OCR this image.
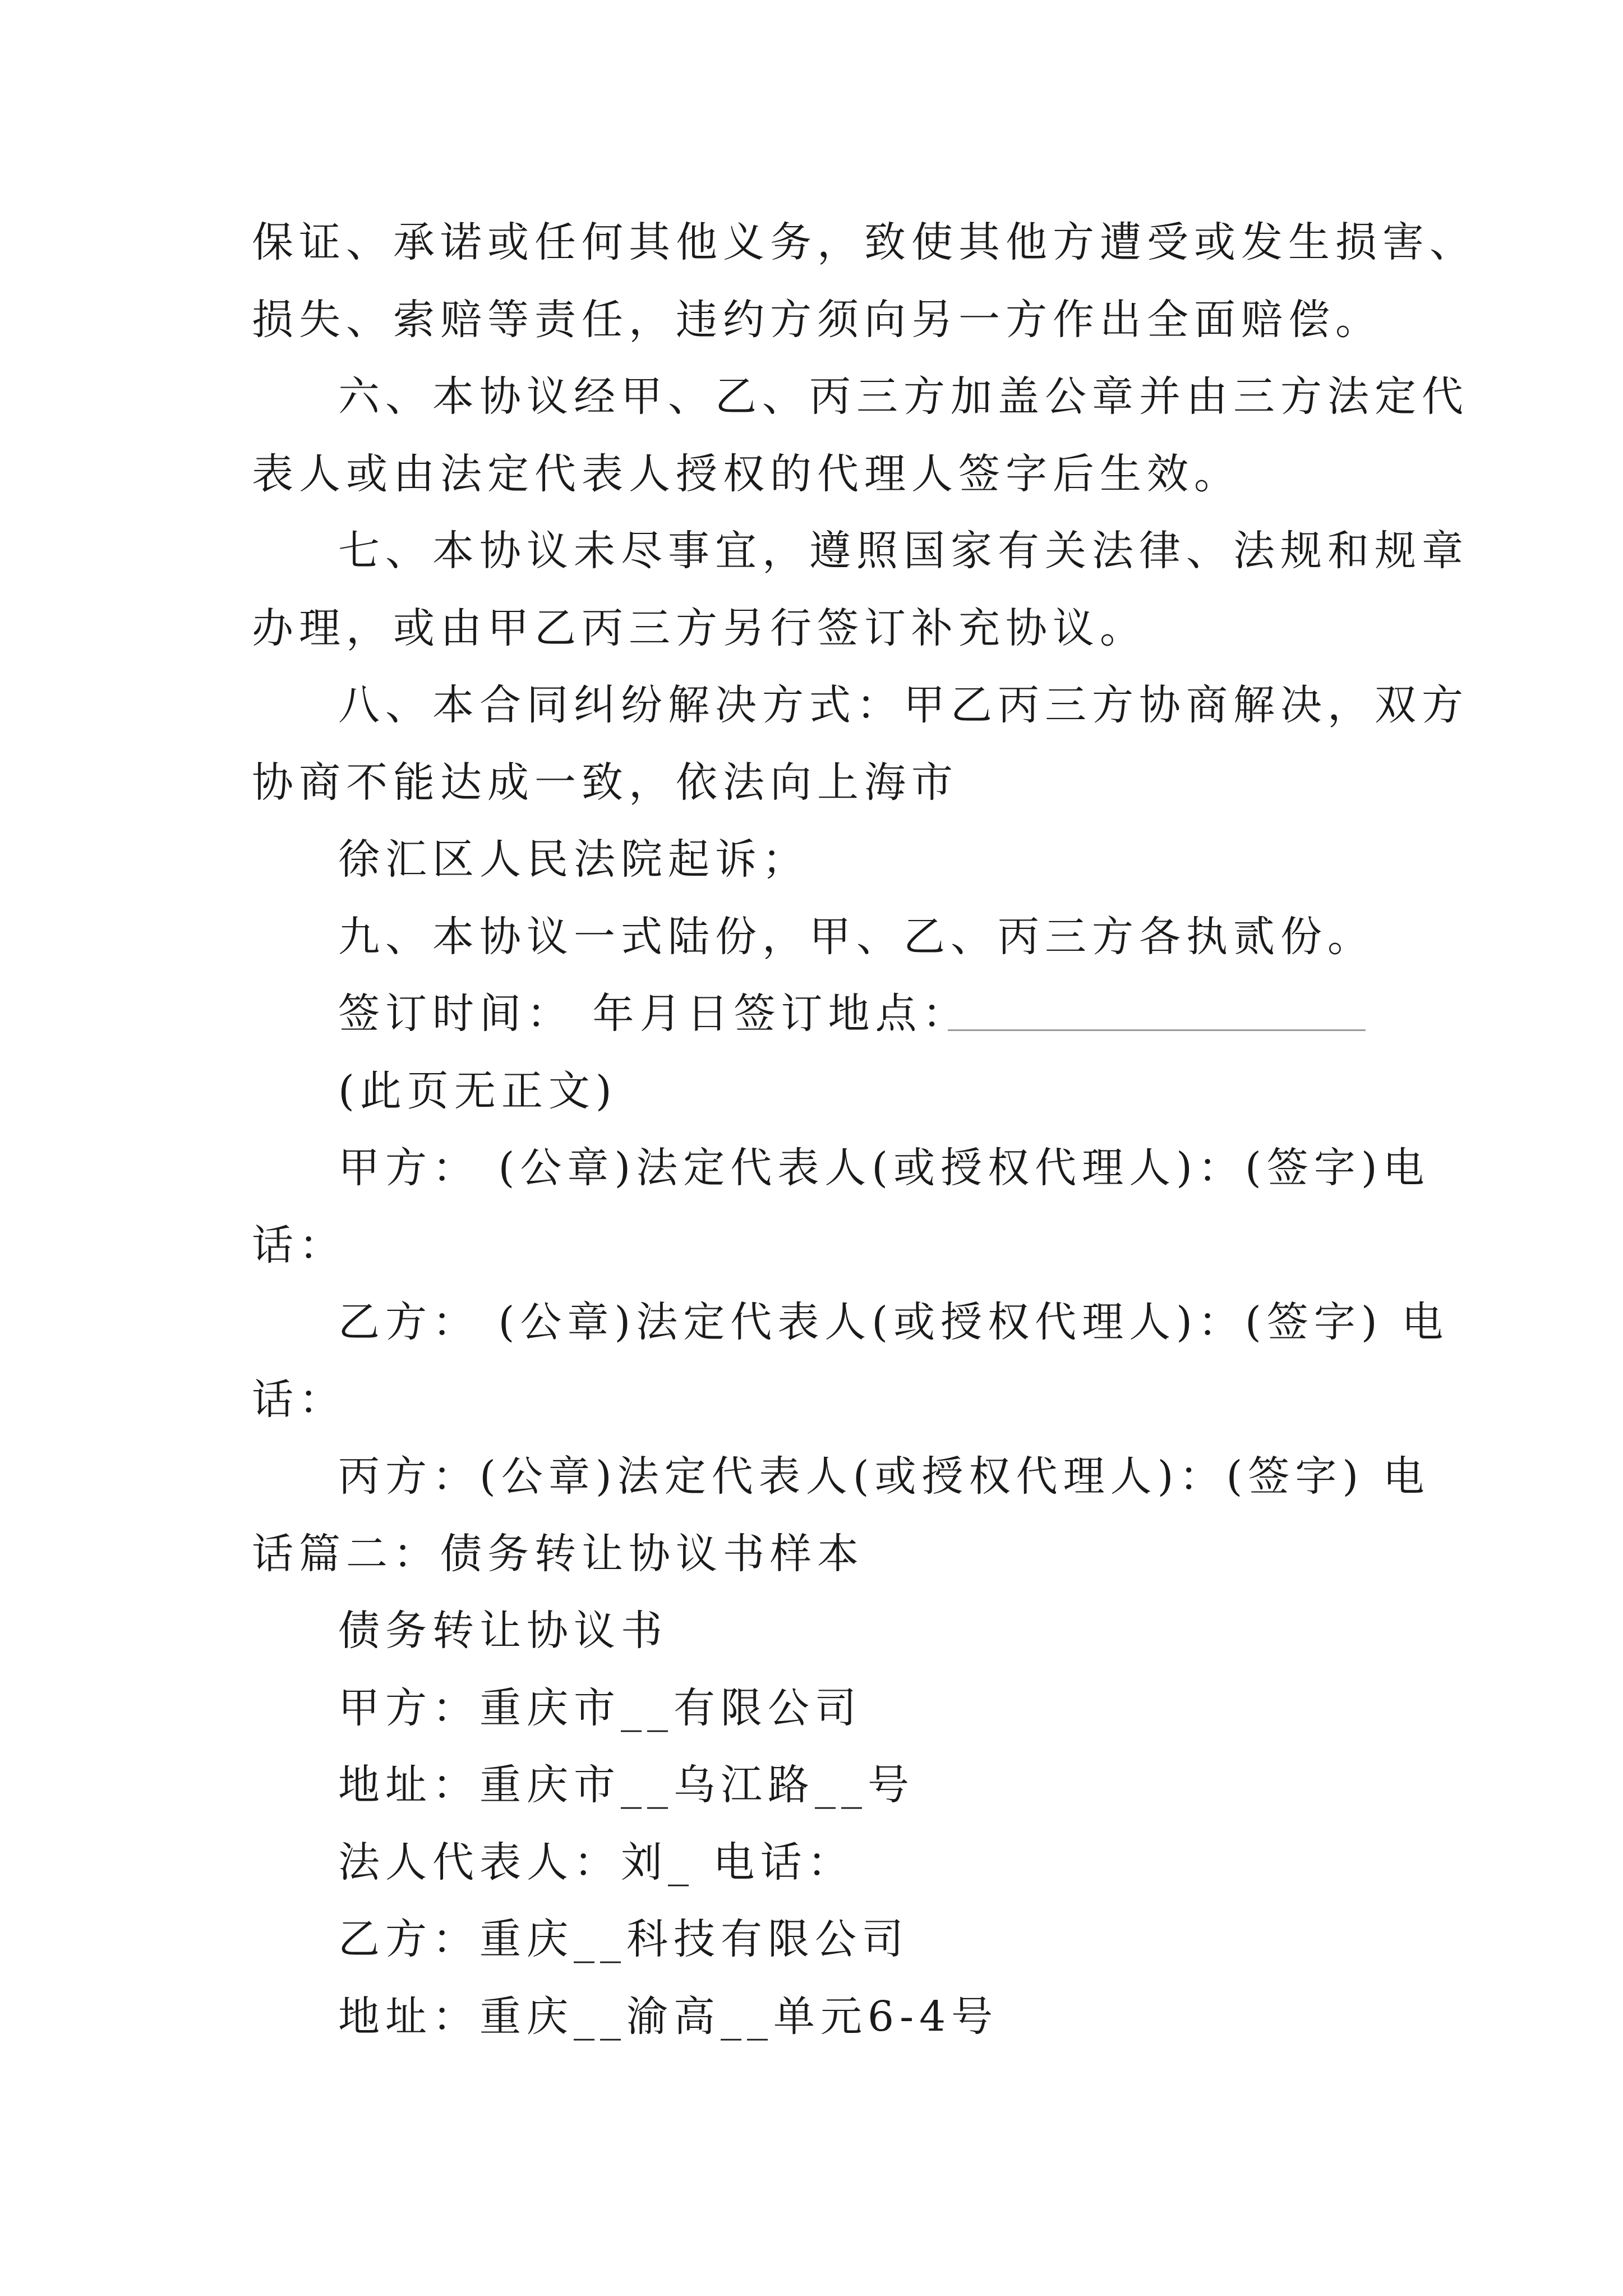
保证、承诺或任何其他义务，致使其他方遭受或发生损害、
损失、索赔等责任，违约方须向另一方作出全面赔偿。
六、本协议经甲、乙、丙三方加盖公章并由三方法定代
表人或由法定代表人授权的代理人签字后生效。
七、本协议未尽事宜，遵照国家有关法律、法规和规章
办理，或由甲乙丙三方另行签订补充协议。
八、本合同纠纷解决方式：甲乙丙三方协商解决，双方
协商不能达成一致，依法向上海市
徐汇区人民法院起诉；
九、本协议一式陆份，甲、乙、丙三方各执贰份。
签订时间： 年月日签订地点：
(此页无正文)
甲方： (公章)法定代表人(或授权代理人)：(签字)电
话：
乙方： (公章)法定代表人(或授权代理人)：(签字) 电
话：
丙方：(公章)法定代表人(或授权代理人)：(签字) 电
话篇二：债务转让协议书样本
债务转让协议书
甲方：重庆市__有限公司
地址：重庆市__乌江路__号
法人代表人：刘_ 电话：
乙方：重庆__科技有限公司
地址：重庆__渝高__单元6-4号
